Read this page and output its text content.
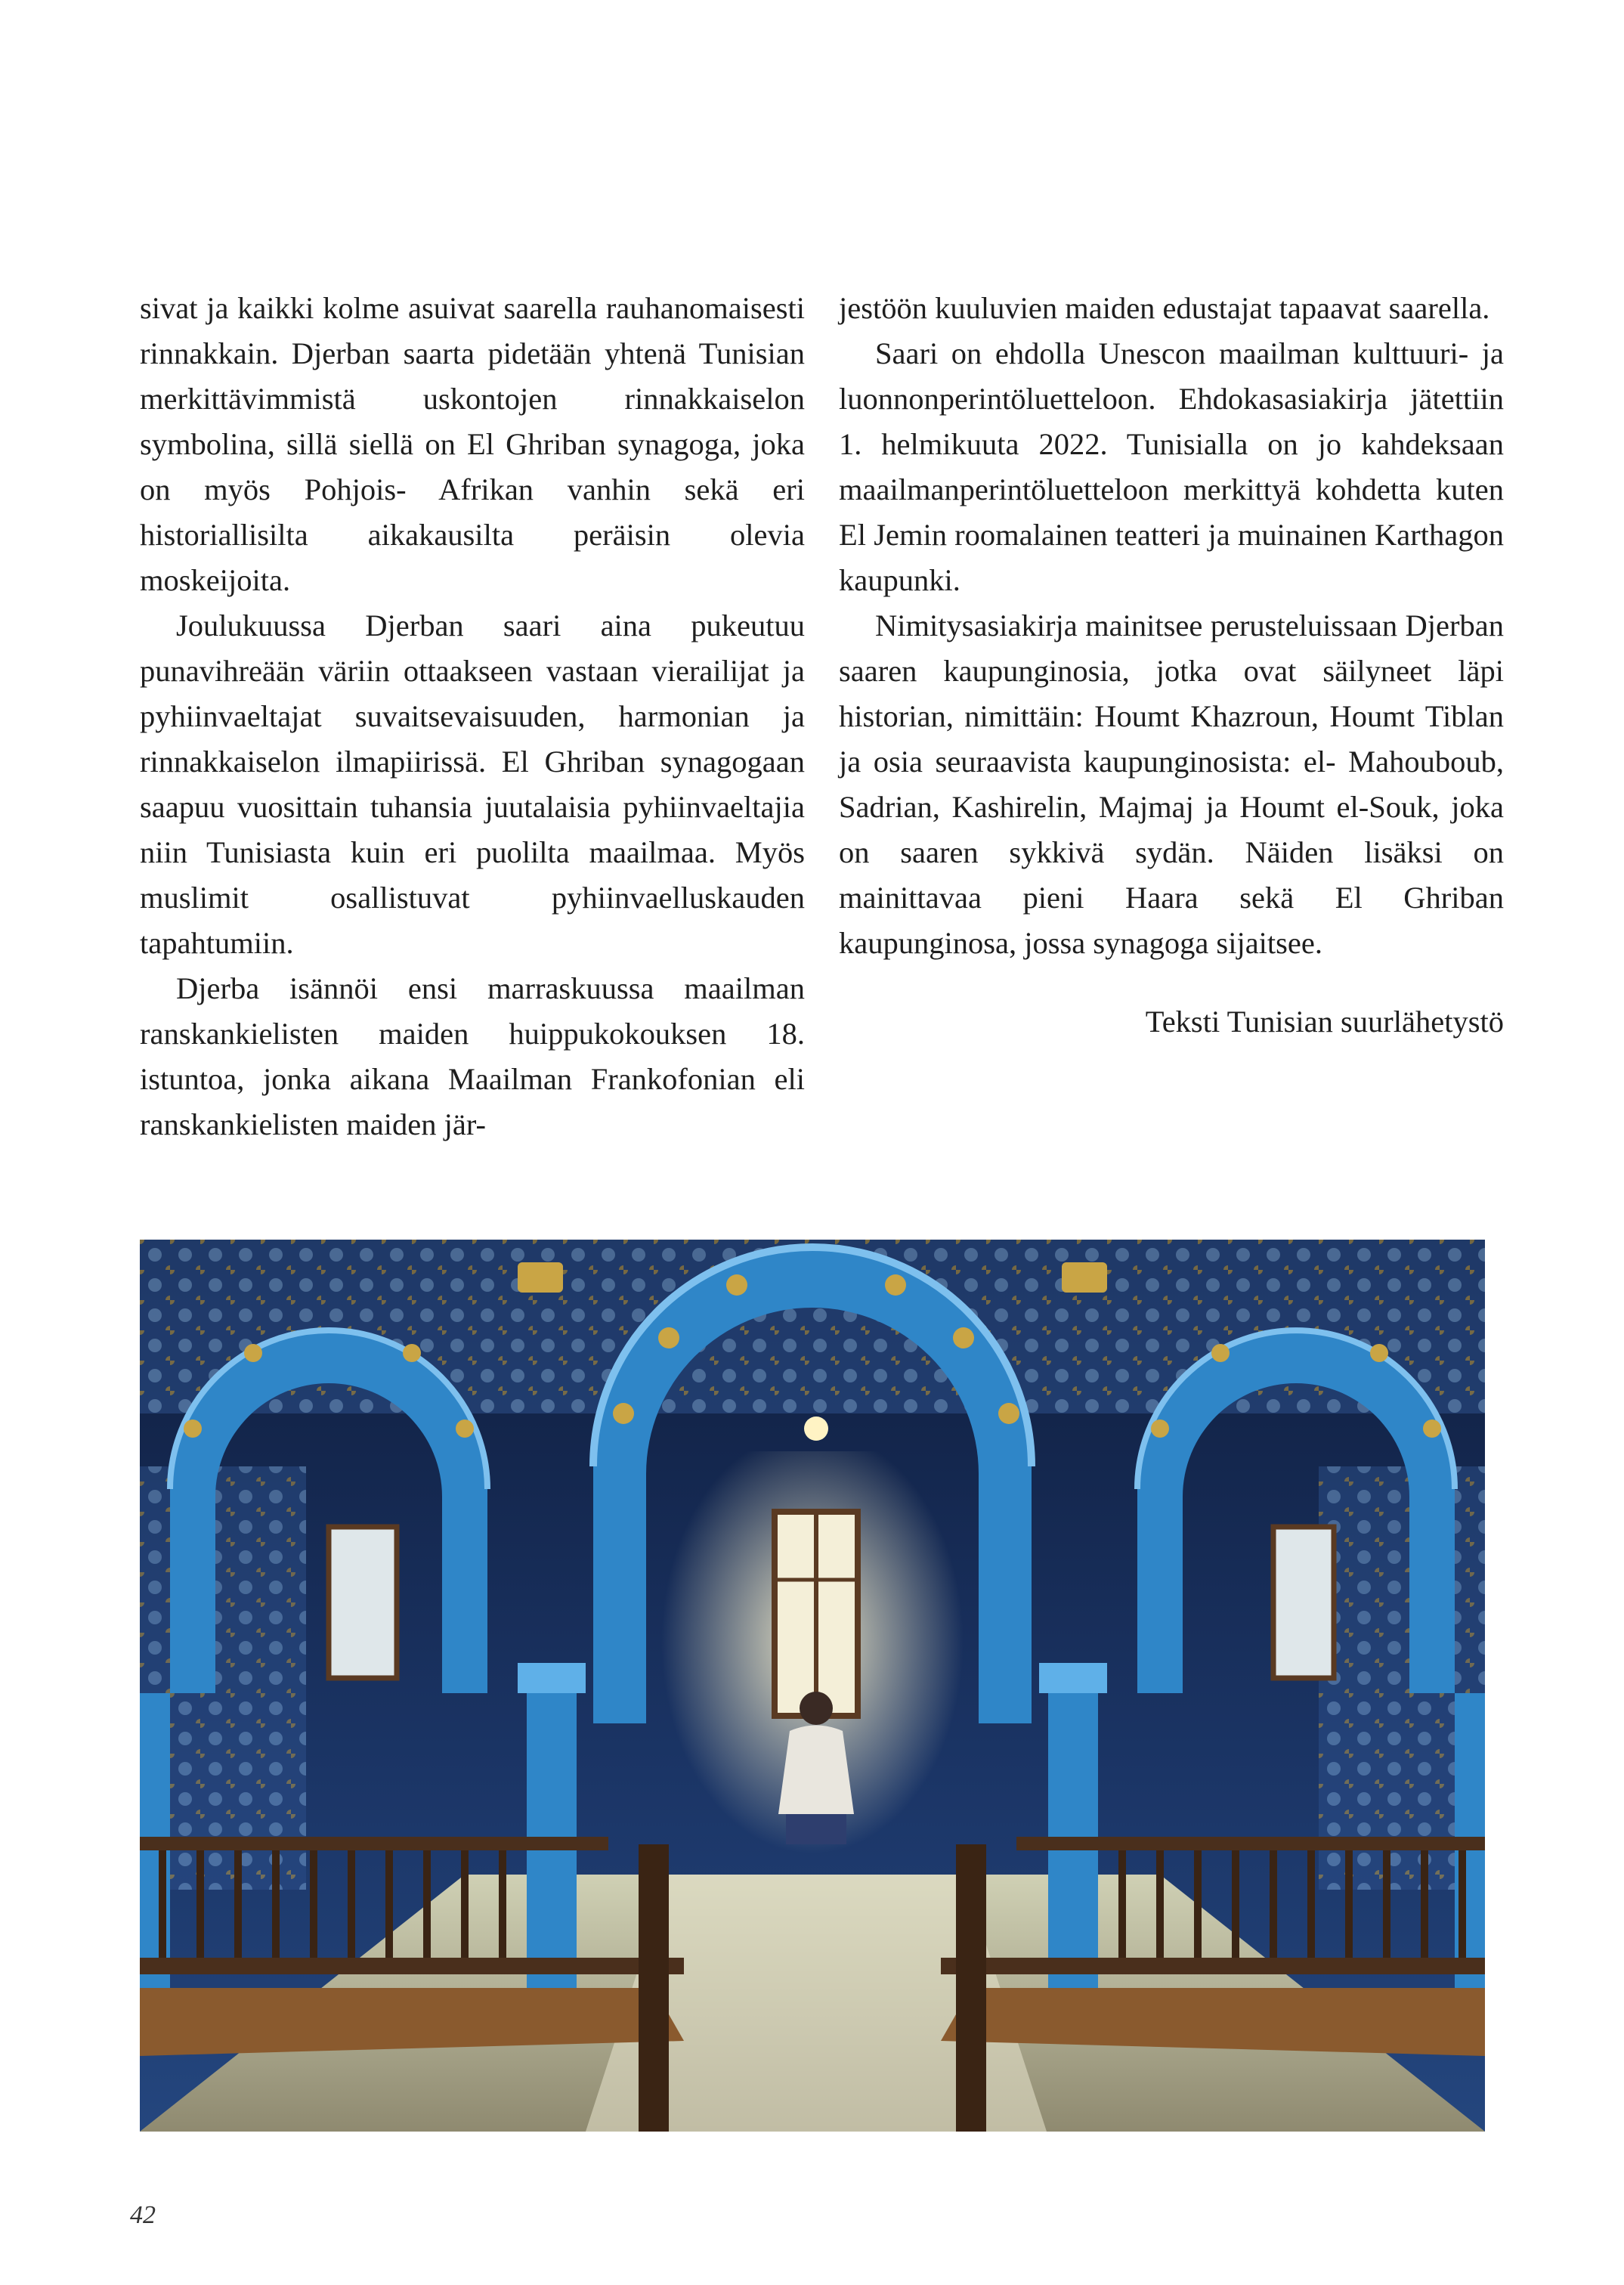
sivat ja kaikki kolme asuivat saarella rauhanomaisesti rinnakkain. Djerban saarta pidetään yhtenä Tunisian merkittävimmistä uskontojen rinnakkaiselon symbolina, sillä siellä on El Ghriban synagoga, joka on myös Pohjois- Afrikan vanhin sekä eri historiallisilta aikakausilta peräisin olevia moskeijoita.

Joulukuussa Djerban saari aina pukeutuu punavihreään väriin ottaakseen vastaan vierailijat ja pyhiinvaeltajat suvaitsevaisuuden, harmonian ja rinnakkaiselon ilmapiirissä. El Ghriban synagogaan saapuu vuosittain tuhansia juutalaisia pyhiinvaeltajia niin Tunisiasta kuin eri puolilta maailmaa. Myös muslimit osallistuvat pyhiinvaelluskauden tapahtumiin.

Djerba isännöi ensi marraskuussa maailman ranskankielisten maiden huippukokouksen 18. istuntoa, jonka aikana Maailman Frankofonian eli ranskankielisten maiden jär-

jestöön kuuluvien maiden edustajat tapaavat saarella.

Saari on ehdolla Unescon maailman kulttuuri- ja luonnonperintöluetteloon. Ehdokasasiakirja jätettiin 1. helmikuuta 2022. Tunisialla on jo kahdeksaan maailmanperintöluetteloon merkittyä kohdetta kuten El Jemin roomalainen teatteri ja muinainen Karthagon kaupunki.

Nimitysasiakirja mainitsee perusteluissaan Djerban saaren kaupunginosia, jotka ovat säilyneet läpi historian, nimittäin: Houmt Khazroun, Houmt Tiblan ja osia seuraavista kaupunginosista: el- Mahouboub, Sadrian, Kashirelin, Majmaj ja Houmt el-Souk, joka on saaren sykkivä sydän. Näiden lisäksi on mainittavaa pieni Haara sekä El Ghriban kaupunginosa, jossa synagoga sijaitsee.

Teksti Tunisian suurlähetystö

42
